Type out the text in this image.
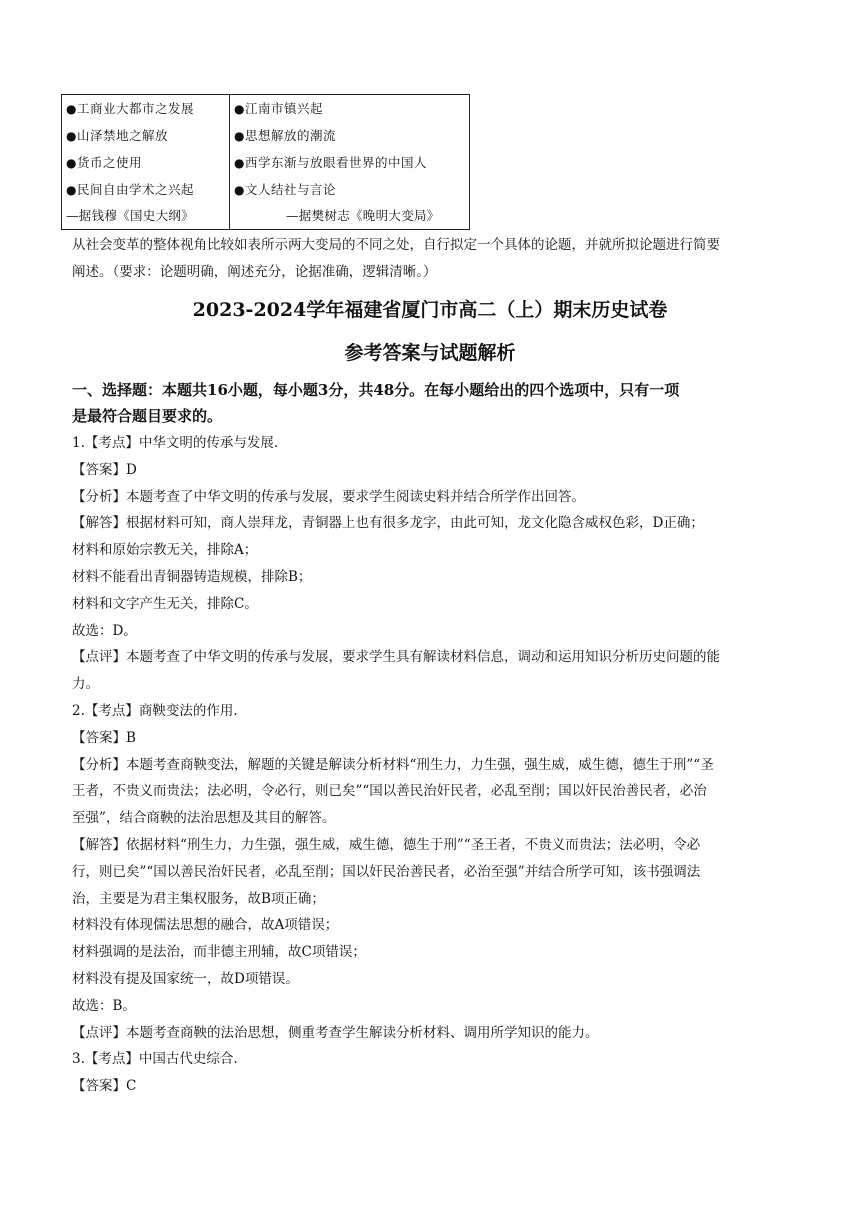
●工商业大都市之发展
●山泽禁地之解放
●货币之使用
●民间自由学术之兴起
—据钱穆《国史大纲》
●江南市镇兴起
●思想解放的潮流
●西学东渐与放眼看世界的中国人
●文人结社与言论
—据樊树志《晚明大变局》
从社会变革的整体视角比较如表所示两大变局的不同之处，自行拟定一个具体的论题，并就所拟论题进行简要
阐述。（要求：论题明确，阐述充分，论据准确，逻辑清晰。）
2023-2024学年福建省厦门市高二（上）期末历史试卷
参考答案与试题解析
一、选择题：本题共16小题，每小题3分，共48分。在每小题给出的四个选项中，只有一项
是最符合题目要求的。
1.【考点】中华文明的传承与发展.
【答案】D
【分析】本题考查了中华文明的传承与发展，要求学生阅读史料并结合所学作出回答。
【解答】根据材料可知，商人崇拜龙，青铜器上也有很多龙字，由此可知，龙文化隐含威权色彩，D正确；
材料和原始宗教无关，排除A；
材料不能看出青铜器铸造规模，排除B；
材料和文字产生无关，排除C。
故选：D。
【点评】本题考查了中华文明的传承与发展，要求学生具有解读材料信息，调动和运用知识分析历史问题的能
力。
2.【考点】商鞅变法的作用.
【答案】B
【分析】本题考查商鞅变法，解题的关键是解读分析材料“刑生力，力生强，强生威，威生德，德生于刑”“圣
王者，不贵义而贵法；法必明，令必行，则已矣”“国以善民治奸民者，必乱至削；国以奸民治善民者，必治
至强”，结合商鞅的法治思想及其目的解答。
【解答】依据材料“刑生力，力生强，强生威，威生德，德生于刑”“圣王者，不贵义而贵法；法必明，令必
行，则已矣”“国以善民治奸民者，必乱至削；国以奸民治善民者，必治至强”并结合所学可知，该书强调法
治，主要是为君主集权服务，故B项正确；
材料没有体现儒法思想的融合，故A项错误；
材料强调的是法治，而非德主刑辅，故C项错误；
材料没有提及国家统一，故D项错误。
故选：B。
【点评】本题考查商鞅的法治思想，侧重考查学生解读分析材料、调用所学知识的能力。
3.【考点】中国古代史综合.
【答案】C
